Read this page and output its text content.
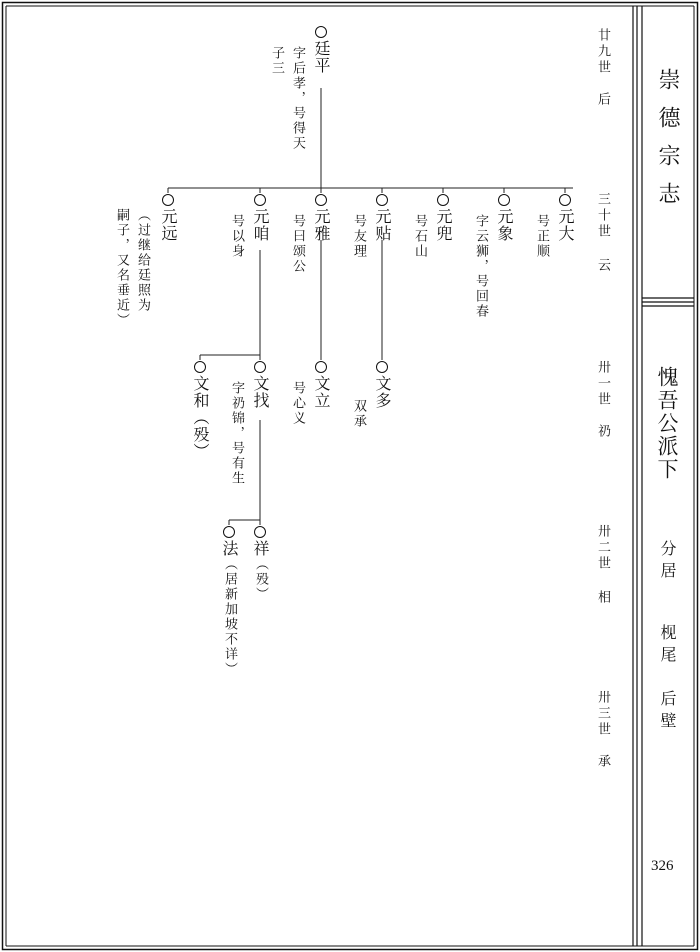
崇德宗志
愧吾公派下
分居
枧尾
后壁
326
廿九世
后
三十世
云
卅一世
礽
卅二世
相
卅三世
承
廷平
字后孝，号得天
子三
元大
号正顺
元象
字云狮，号回春
元兜
号石山
元贴
号友理
元雅
号曰颂公
元咱
号以身
元远
（过继给廷照为
嗣子，又名垂近）
文多
双承
文立
号心义
文找
字礽锦，号有生
文和（殁）
祥（殁）
法（居新加坡不详）
